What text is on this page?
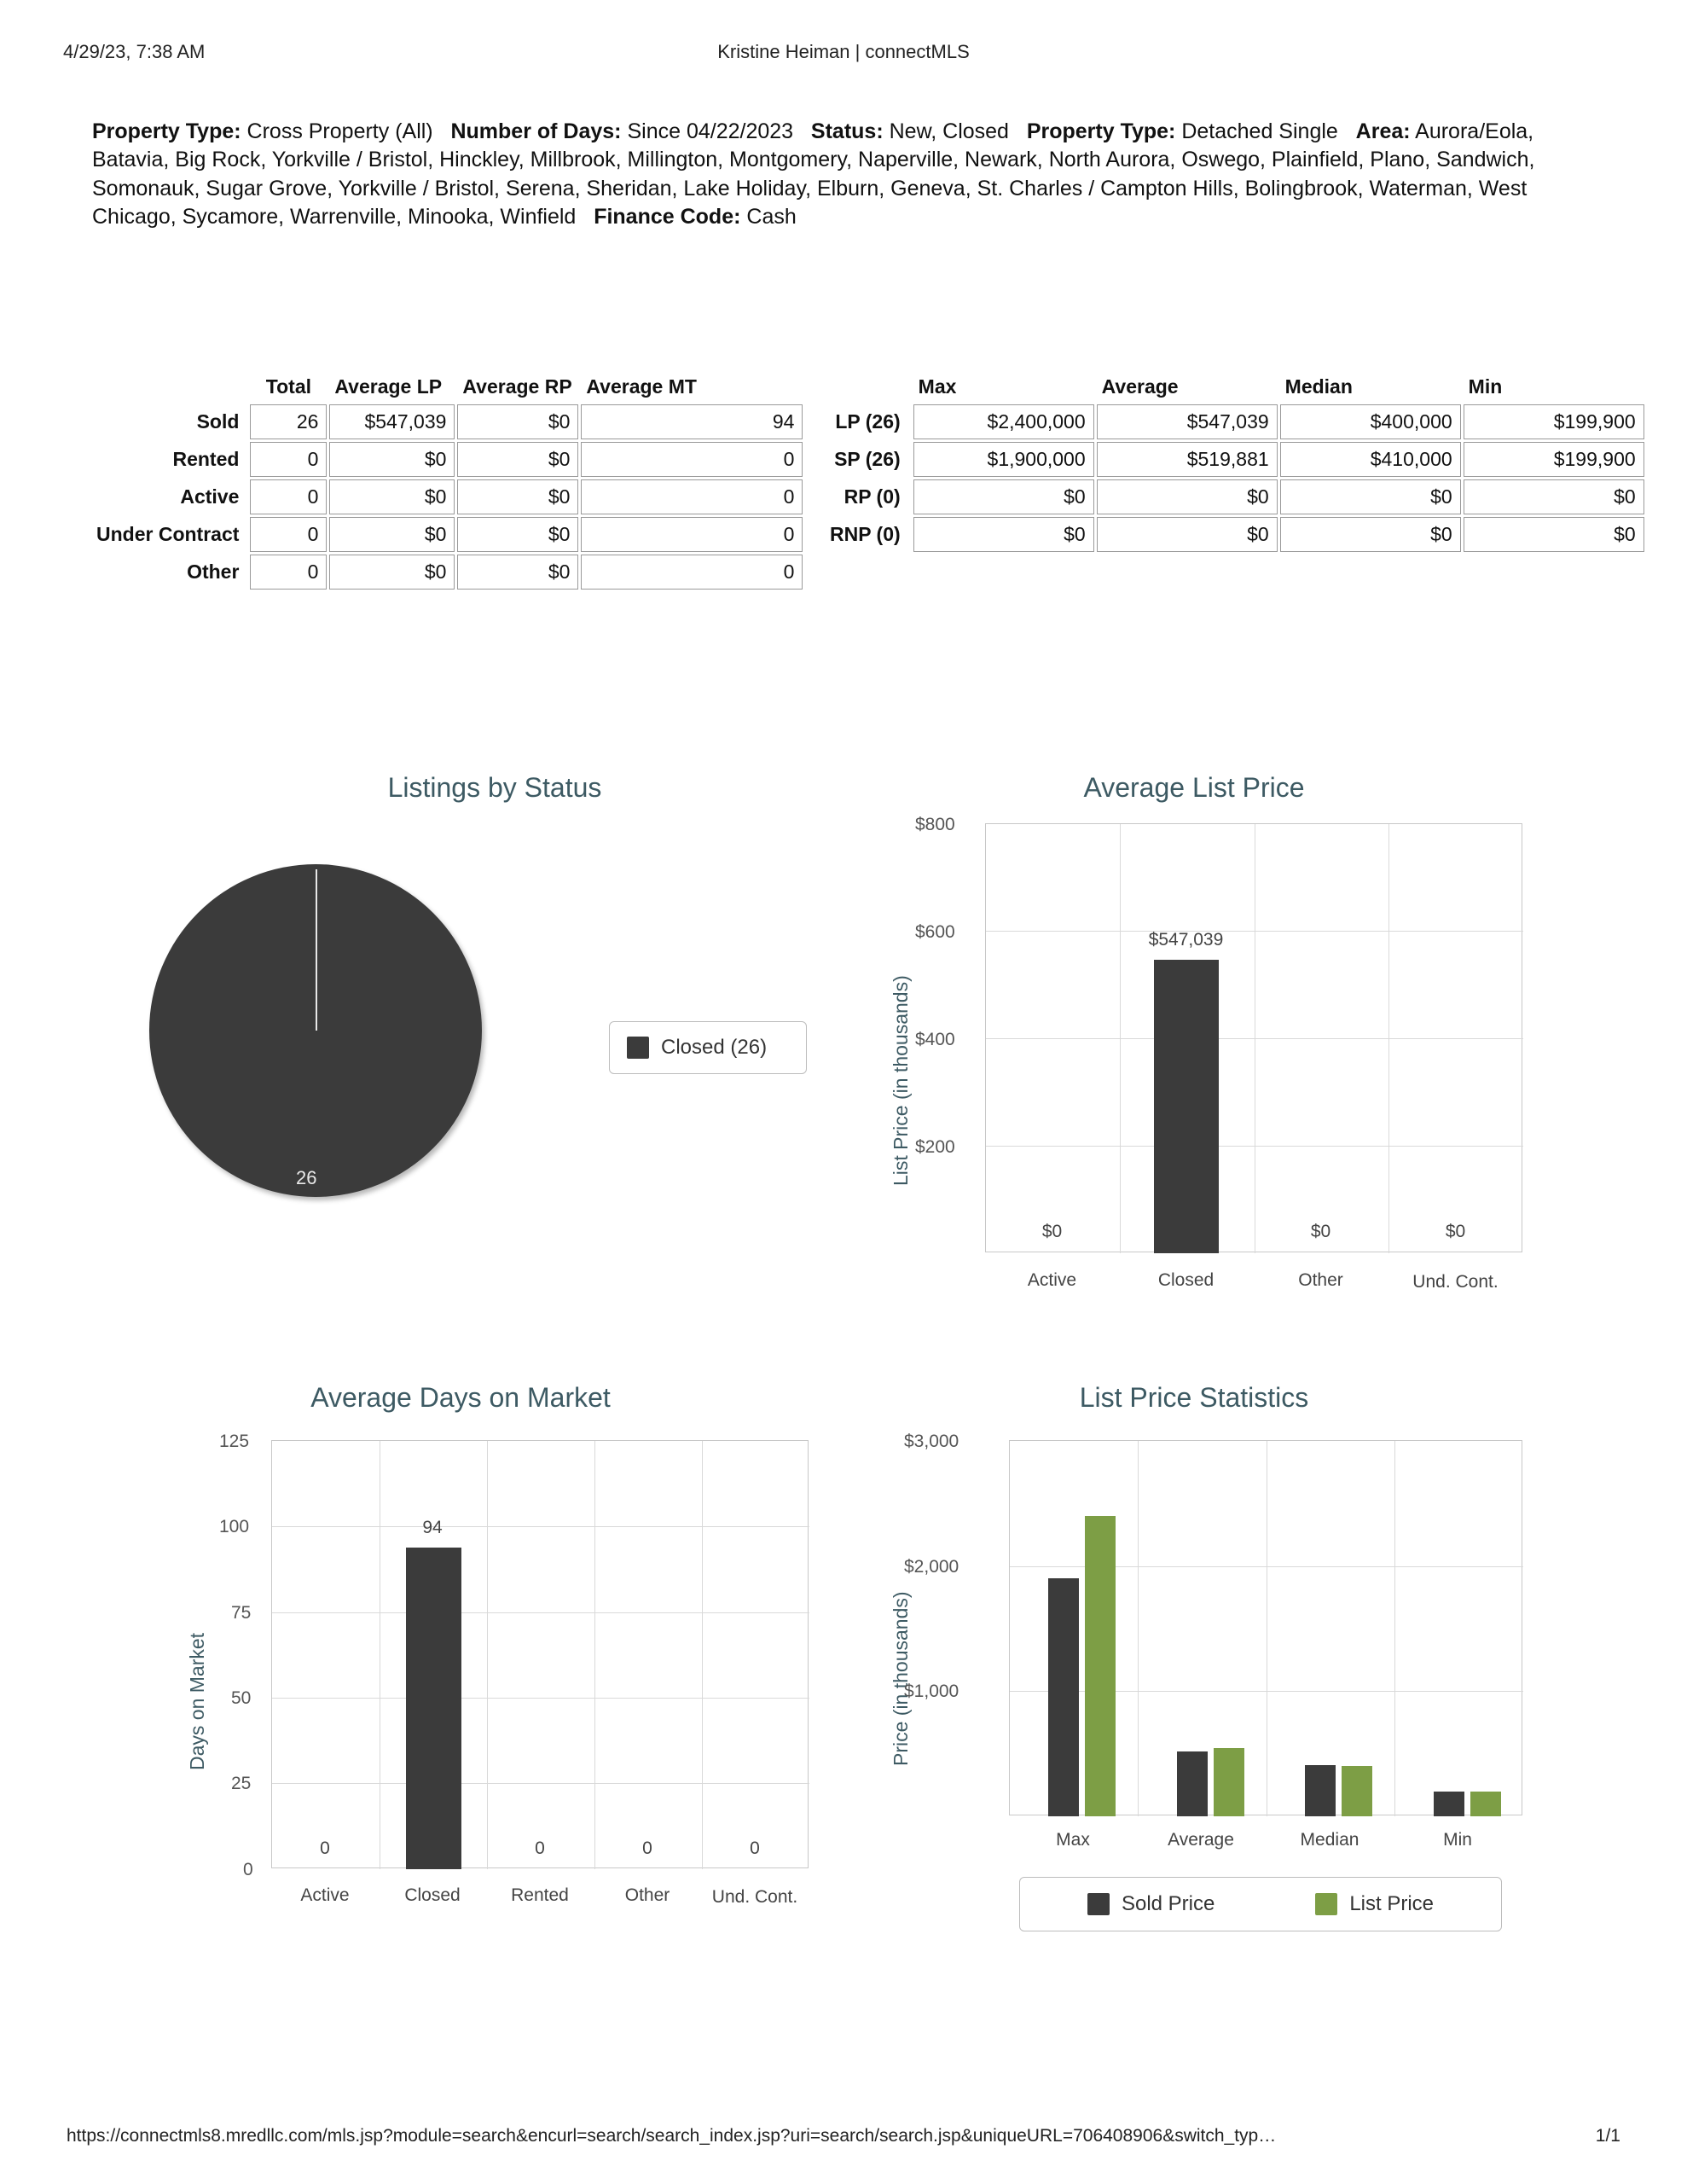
4/29/23, 7:38 AM	Kristine Heiman | connectMLS
Property Type: Cross Property (All) Number of Days: Since 04/22/2023 Status: New, Closed Property Type: Detached Single Area: Aurora/Eola, Batavia, Big Rock, Yorkville / Bristol, Hinckley, Millbrook, Millington, Montgomery, Naperville, Newark, North Aurora, Oswego, Plainfield, Plano, Sandwich, Somonauk, Sugar Grove, Yorkville / Bristol, Serena, Sheridan, Lake Holiday, Elburn, Geneva, St. Charles / Campton Hills, Bolingbrook, Waterman, West Chicago, Sycamore, Warrenville, Minooka, Winfield Finance Code: Cash
	Total	Average LP	Average RP	Average MT
Sold	26	$547,039	$0	94
Rented	0	$0	$0	0
Active	0	$0	$0	0
Under Contract	0	$0	$0	0
Other	0	$0	$0	0
	Max	Average	Median	Min
LP (26)	$2,400,000	$547,039	$400,000	$199,900
SP (26)	$1,900,000	$519,881	$410,000	$199,900
RP (0)	$0	$0	$0	$0
RNP (0)	$0	$0	$0	$0
Listings by Status
26
Closed (26)
Average List Price
List Price (in thousands)
$800
$600
$400
$200
$0
$547,039
$0	$0
Active	Closed	Other	Und. Cont.
Average Days on Market
Days on Market
125
100
75
50
25
0
0
94
0	0	0
Active	Closed	Rented	Other	Und. Cont.
List Price Statistics
Price (in thousands)
$3,000
$2,000
$1,000
Max	Average	Median	Min
Sold Price	List Price
https://connectmls8.mredllc.com/mls.jsp?module=search&encurl=search/search_index.jsp?uri=search/search.jsp&uniqueURL=706408906&switch_typ…	1/1
